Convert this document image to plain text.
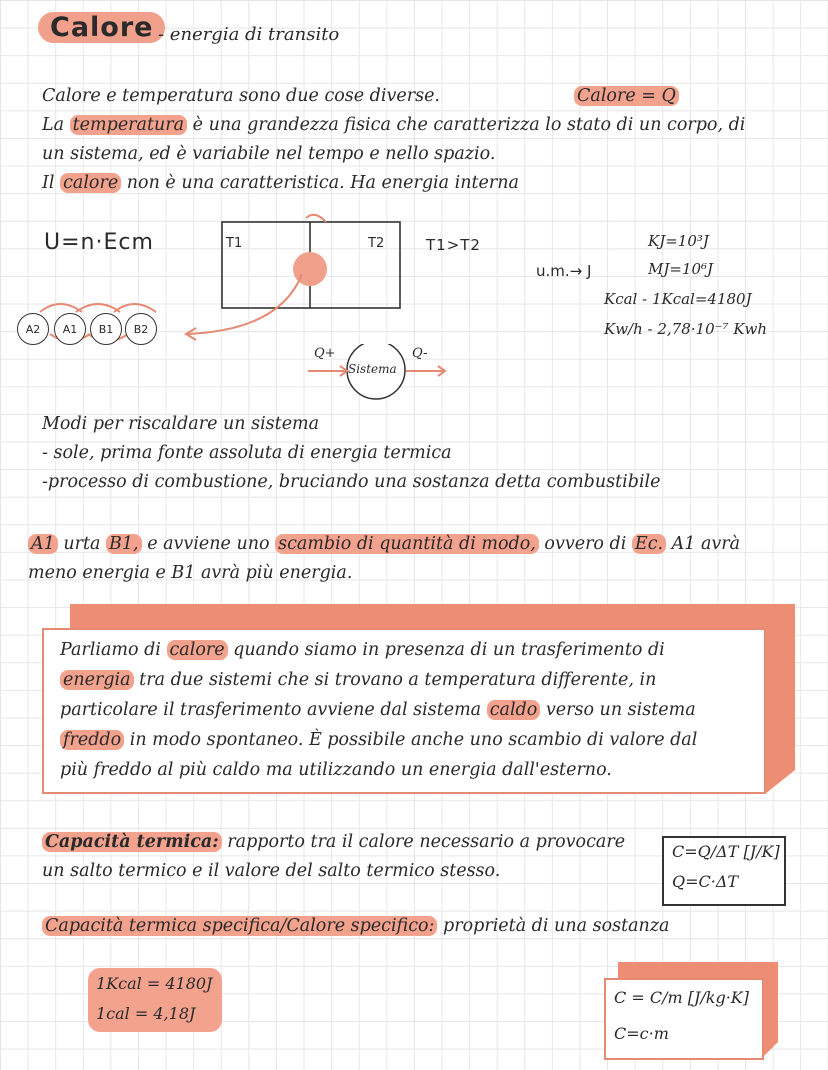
Calore - energia di transito
Calore e temperatura sono due cose diverse.	Calore = Q
La temperatura è una grandezza fisica che caratterizza lo stato di un corpo, di
un sistema, ed è variabile nel tempo e nello spazio.
Il calore non è una caratteristica. Ha energia interna
U=n·Ecm	T1	T2	T1>T2
A2	A1	B1	B2
u.m.→ J
KJ=10³J
MJ=10⁶J
Kcal - 1Kcal=4180J
Kw/h - 2,78·10⁻⁷ Kwh
Q+
Sistema
Q-
Modi per riscaldare un sistema
- sole, prima fonte assoluta di energia termica
-processo di combustione, bruciando una sostanza detta combustibile
A1 urta B1, e avviene uno scambio di quantità di modo, ovvero di Ec. A1 avrà
meno energia e B1 avrà più energia.
Parliamo di calore quando siamo in presenza di un trasferimento di
energia tra due sistemi che si trovano a temperatura differente, in
particolare il trasferimento avviene dal sistema caldo verso un sistema
freddo in modo spontaneo. È possibile anche uno scambio di valore dal
più freddo al più caldo ma utilizzando un energia dall'esterno.
Capacità termica: rapporto tra il calore necessario a provocare
un salto termico e il valore del salto termico stesso.
C=Q/ΔT [J/K]
Q=C·ΔT
Capacità termica specifica/Calore specifico: proprietà di una sostanza
1Kcal = 4180J
1cal = 4,18J
C = C/m [J/kg·K]
C=c·m
